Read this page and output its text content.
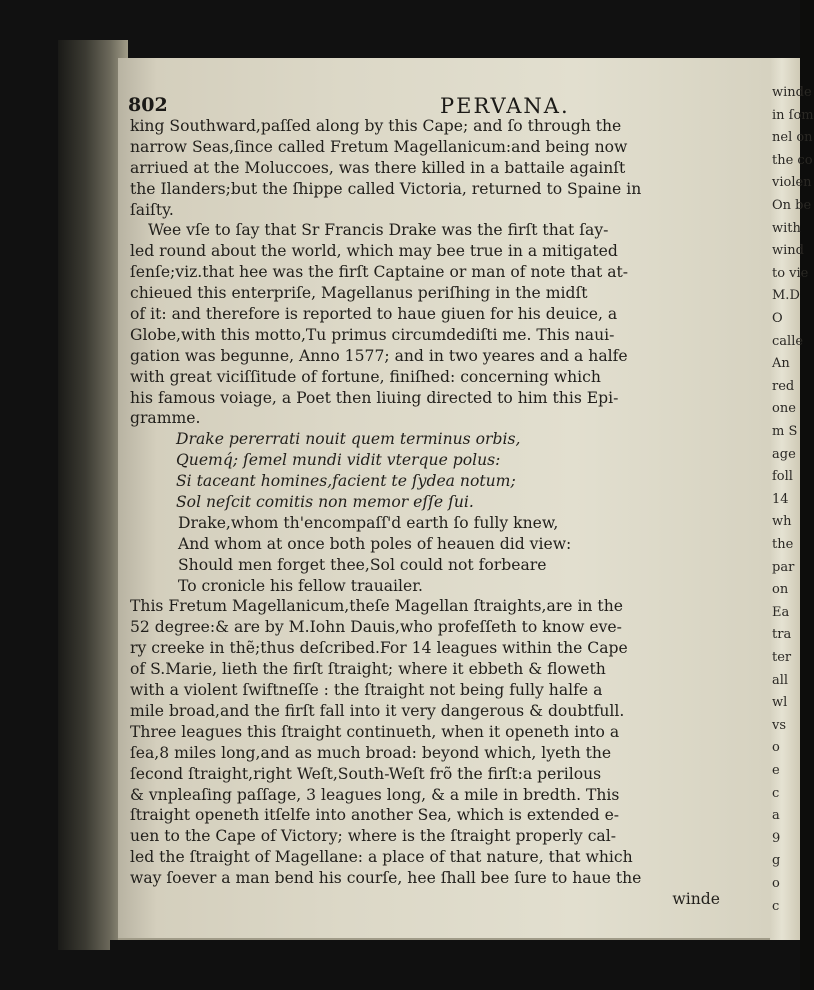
winde
in ſom
nel on
the co
violen
On be
with
wind
to vie
M.D
O
calle
An
red
one
m S
age
foll
14
wh
the
par
on
Ea
tra
ter
all
wl
vs
o
e
c
a
9
g
o
c
802	PERVANA.
king Southward,paſſed along by this Cape; and ſo through the
narrow Seas,ſince called Fretum Magellanicum:and being now
arriued at the Moluccoes, was there killed in a battaile againſt
the Ilanders;but the ſhippe called Victoria, returned to Spaine in
ſaiſty.
Wee vſe to ſay that Sr Francis Drake was the firſt that ſay-
led round about the world, which may bee true in a mitigated
ſenſe;viz.that hee was the firſt Captaine or man of note that at-
chieued this enterpriſe, Magellanus periſhing in the midſt
of it: and therefore is reported to haue giuen for his deuice, a
Globe,with this motto,Tu primus circumdediſti me. This naui-
gation was begunne, Anno 1577; and in two yeares and a halfe
with great viciſſitude of fortune, finiſhed: concerning which
his famous voiage, a Poet then liuing directed to him this Epi-
gramme.
Drake pererrati nouit quem terminus orbis,
Quemq́; ſemel mundi vidit vterque polus:
Si taceant homines,facient te ſydea notum;
Sol neſcit comitis non memor eſſe ſui.
Drake,whom th'encompaſſ'd earth ſo fully knew,
And whom at once both poles of heauen did view:
Should men forget thee,Sol could not forbeare
To cronicle his fellow trauailer.
This Fretum Magellanicum,theſe Magellan ſtraights,are in the
52 degree:& are by M.Iohn Dauis,who profeſſeth to know eve-
ry creeke in thẽ;thus deſcribed.For 14 leagues within the Cape
of S.Marie, lieth the firſt ſtraight; where it ebbeth & floweth
with a violent ſwiftneſſe : the ſtraight not being fully halfe a
mile broad,and the firſt fall into it very dangerous & doubtfull.
Three leagues this ſtraight continueth, when it openeth into a
ſea,8 miles long,and as much broad: beyond which, lyeth the
ſecond ſtraight,right Weſt,South-Weſt frõ the firſt:a perilous
& vnpleaſing paſſage, 3 leagues long, & a mile in bredth. This
ſtraight openeth itſelfe into another Sea, which is extended e-
uen to the Cape of Victory; where is the ſtraight properly cal-
led the ſtraight of Magellane: a place of that nature, that which
way ſoever a man bend his courſe, hee ſhall bee ſure to haue the
winde
